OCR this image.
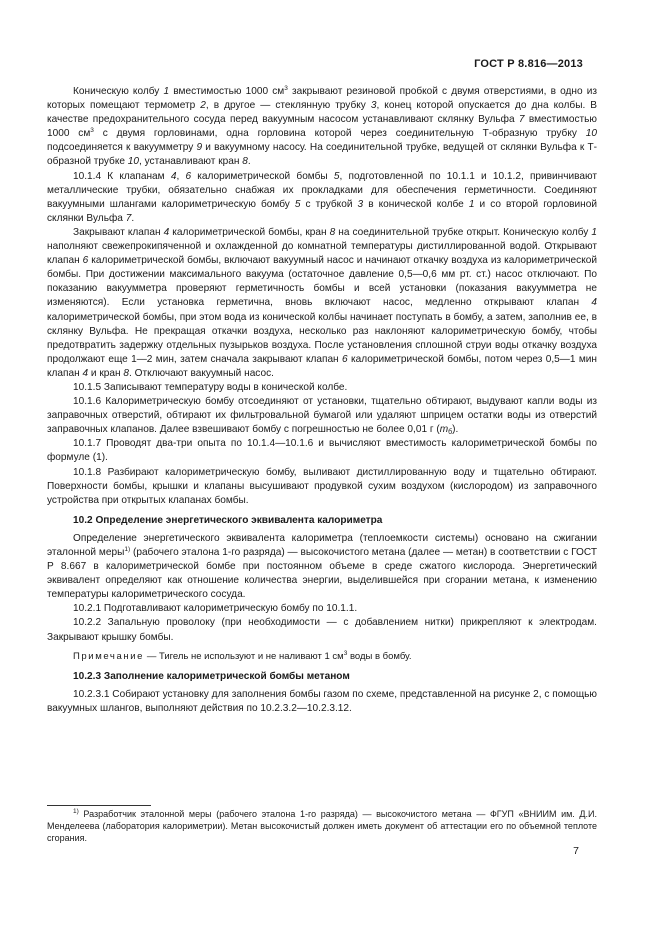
ГОСТ Р 8.816—2013

Коническую колбу 1 вместимостью 1000 $см^3$ закрывают резиновой пробкой с двумя отверстиями, в одно из которых помещают термометр 2, в другое — стеклянную трубку 3, конец которой опускается до дна колбы. В качестве предохранительного сосуда перед вакуумным насосом устанавливают склянку Вульфа 7 вместимостью 1000 $см^3$ с двумя горловинами, одна горловина которой через соединительную Т-образную трубку 10 подсоединяется к вакуумметру 9 и вакуумному насосу. На соединительной трубке, ведущей от склянки Вульфа к Т-образной трубке 10, устанавливают кран 8.

10.1.4 К клапанам 4, 6 калориметрической бомбы 5, подготовленной по 10.1.1 и 10.1.2, привинчивают металлические трубки, обязательно снабжая их прокладками для обеспечения герметичности. Соединяют вакуумными шлангами калориметрическую бомбу 5 с трубкой 3 в конической колбе 1 и со второй горловиной склянки Вульфа 7.

Закрывают клапан 4 калориметрической бомбы, кран 8 на соединительной трубке открыт. Коническую колбу 1 наполняют свежепрокипяченной и охлажденной до комнатной температуры дистиллированной водой. Открывают клапан 6 калориметрической бомбы, включают вакуумный насос и начинают откачку воздуха из калориметрической бомбы. При достижении максимального вакуума (остаточное давление 0,5—0,6 мм рт. ст.) насос отключают. По показанию вакуумметра проверяют герметичность бомбы и всей установки (показания вакуумметра не изменяются). Если установка герметична, вновь включают насос, медленно открывают клапан 4 калориметрической бомбы, при этом вода из конической колбы начинает поступать в бомбу, а затем, заполнив ее, в склянку Вульфа. Не прекращая откачки воздуха, несколько раз наклоняют калориметрическую бомбу, чтобы предотвратить задержку отдельных пузырьков воздуха. После установления сплошной струи воды откачку воздуха продолжают еще 1—2 мин, затем сначала закрывают клапан 6 калориметрической бомбы, потом через 0,5—1 мин клапан 4 и кран 8. Отключают вакуумный насос.

10.1.5 Записывают температуру воды в конической колбе.

10.1.6 Калориметрическую бомбу отсоединяют от установки, тщательно обтирают, выдувают капли воды из заправочных отверстий, обтирают их фильтровальной бумагой или удаляют шприцем остатки воды из отверстий заправочных клапанов. Далее взвешивают бомбу с погрешностью не более 0,01 г $(m_б)$.

10.1.7 Проводят два-три опыта по 10.1.4—10.1.6 и вычисляют вместимость калориметрической бомбы по формуле (1).

10.1.8 Разбирают калориметрическую бомбу, выливают дистиллированную воду и тщательно обтирают. Поверхности бомбы, крышки и клапаны высушивают продувкой сухим воздухом (кислородом) из заправочного устройства при открытых клапанах бомбы.

10.2 Определение энергетического эквивалента калориметра

Определение энергетического эквивалента калориметра (теплоемкости системы) основано на сжигании эталонной меры$^{1)}$ (рабочего эталона 1-го разряда) — высокочистого метана (далее — метан) в соответствии с ГОСТ Р 8.667 в калориметрической бомбе при постоянном объеме в среде сжатого кислорода. Энергетический эквивалент определяют как отношение количества энергии, выделившейся при сгорании метана, к изменению температуры калориметрического сосуда.

10.2.1 Подготавливают калориметрическую бомбу по 10.1.1.

10.2.2 Запальную проволоку (при необходимости — с добавлением нитки) прикрепляют к электродам. Закрывают крышку бомбы.

Примечание — Тигель не используют и не наливают 1 $см^3$ воды в бомбу.

10.2.3 Заполнение калориметрической бомбы метаном

10.2.3.1 Собирают установку для заполнения бомбы газом по схеме, представленной на рисунке 2, с помощью вакуумных шлангов, выполняют действия по 10.2.3.2—10.2.3.12.

$^{1)}$ Разработчик эталонной меры (рабочего эталона 1-го разряда) — высокочистого метана — ФГУП «ВНИИМ им. Д.И. Менделеева (лаборатория калориметрии). Метан высокочистый должен иметь документ об аттестации его по объемной теплоте сгорания.

7
